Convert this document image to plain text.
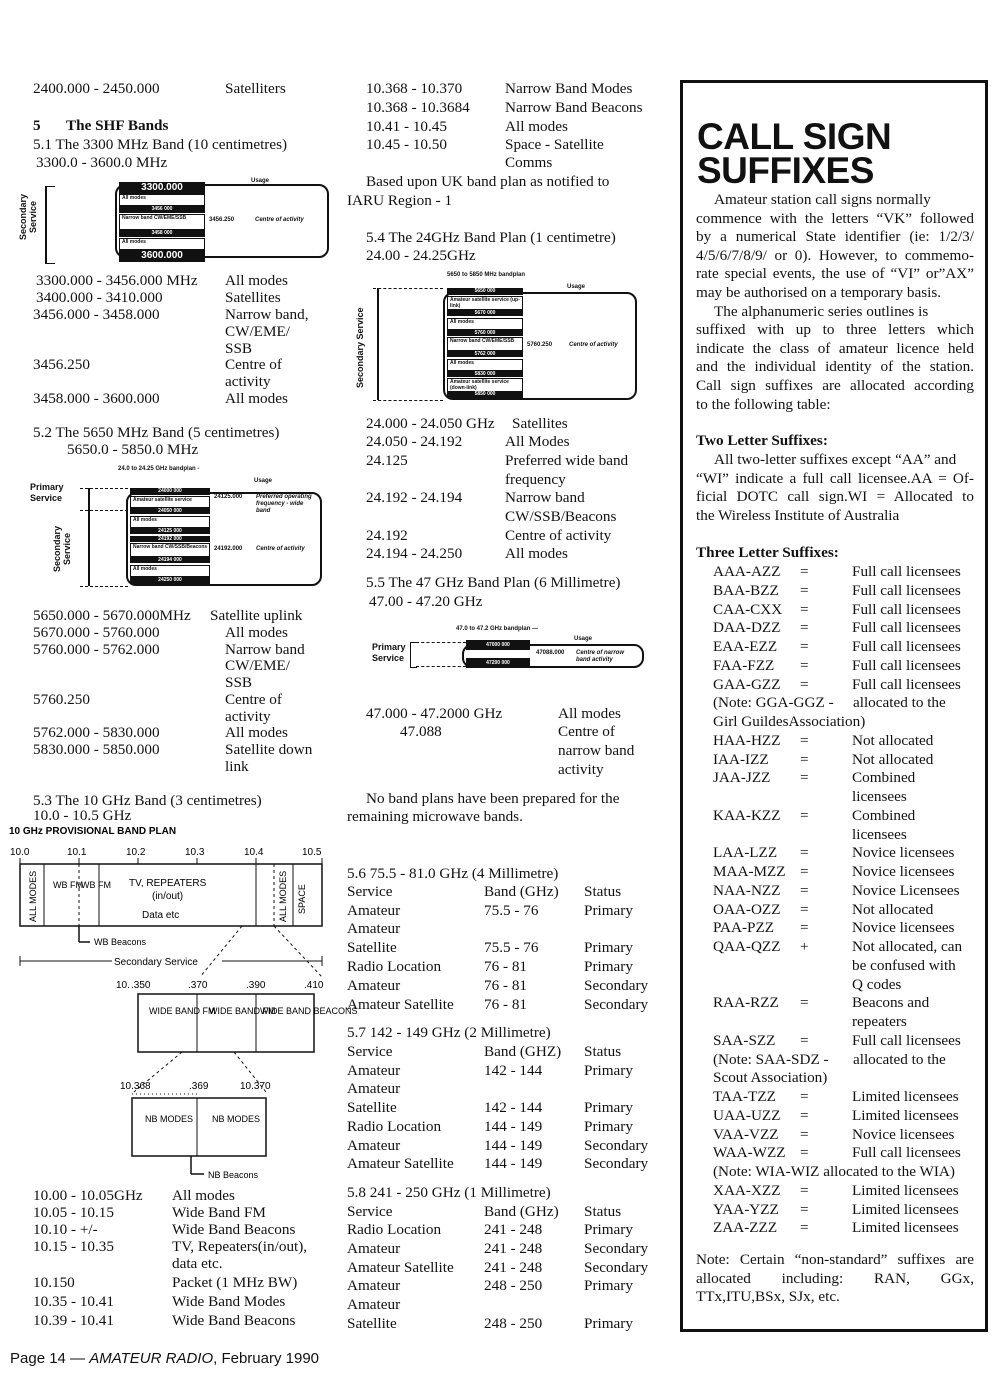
2400.000 - 2450.000	Satelliters
5 The SHF Bands
5.1 The 3300 MHz Band (10 centimetres)
3300.0 - 3600.0 MHz
Secondary Service
Usage
3300.000
All modes
3456 000
Narrow band CW/EME/SSB
3458 000
All modes
3600.000
3456.250	Centre of activity
3300.000 - 3456.000 MHz All modes
3400.000 - 3410.000	Satellites
3456.000 - 3458.000	Narrow band,
CW/EME/
SSB
3456.250	Centre of
activity
3458.000 - 3600.000	All modes
5.2 The 5650 MHz Band (5 centimetres)
5650.0 - 5850.0 MHz
24.0 to 24.25 GHz bandplan -
Usage
Primary Service
Secondary Service
24000 000
Amateur satellite service
24050 000
All modes
24125 000
24192 000
Narrow band CW/SSB/Beacons
24194 000
All modes
24250 000
24125.000 Preferred operating frequency - wide band
24192.000 Centre of activity
5650.000 - 5670.000MHz Satellite uplink
5670.000 - 5760.000	All modes
5760.000 - 5762.000	Narrow band
CW/EME/
SSB
5760.250	Centre of
activity
5762.000 - 5830.000	All modes
5830.000 - 5850.000	Satellite down
link
5.3 The 10 GHz Band (3 centimetres)
10.0 - 10.5 GHz
10 GHz PROVISIONAL BAND PLAN
10.0	10.1	10.2	10.3	10.4	10.5
ALL MODES WB FM
WB FM TV, REPEATERS
(in/out)
Data etc	ALL MODES SPACE
WB Beacons
Secondary Service
10. .350	.370	.390	.410
WIDE BAND FM
WIDE BAND FM
WIDE BAND BEACONS
10.368	.369	10.370
NB MODES NB MODES
NB Beacons
10.00 - 10.05GHz All modes
10.05 - 10.15	Wide Band FM
10.10 - +/-	Wide Band Beacons
10.15 - 10.35	TV, Repeaters(in/out),
data etc.
10.150	Packet (1 MHz BW)
10.35 - 10.41	Wide Band Modes
10.39 - 10.41	Wide Band Beacons
10.368 - 10.370	Narrow Band Modes
10.368 - 10.3684 Narrow Band Beacons
10.41 - 10.45	All modes
10.45 - 10.50	Space - Satellite
Comms
Based upon UK band plan as notified to
IARU Region - 1
5.4 The 24GHz Band Plan (1 centimetre)
24.00 - 24.25GHz
5650 to 5850 MHz bandplan
Usage
Secondary Service
5650 000
Amateur satellite service (up-link)
5670 000
All modes
5760 000
Narrow band CW/EME/SSB
5762 000
All modes
5830 000
Amateur satellite service (down-link)
5850 000
5760.250	Centre of activity
24.000 - 24.050 GHz Satellites
24.050 - 24.192	All Modes
24.125	Preferred wide band
frequency
24.192 - 24.194	Narrow band
CW/SSB/Beacons
24.192	Centre of activity
24.194 - 24.250	All modes
5.5 The 47 GHz Band Plan (6 Millimetre)
47.00 - 47.20 GHz
47.0 to 47.2 GHz bandplan —
Usage
Primary Service
47000 000
47200 000
47088.000 Centre of narrow band activity
47.000 - 47.2000 GHz	All modes
47.088	Centre of
narrow band
activity
No band plans have been prepared for the
remaining microwave bands.
5.6 75.5 - 81.0 GHz (4 Millimetre)
Service	Band (GHz) Status
Amateur	75.5 - 76	Primary
Amateur
Satellite	75.5 - 76	Primary
Radio Location	76 - 81	Primary
Amateur	76 - 81	Secondary
Amateur Satellite 76 - 81	Secondary
5.7 142 - 149 GHz (2 Millimetre)
Service	Band (GHZ) Status
Amateur	142 - 144	Primary
Amateur
Satellite	142 - 144	Primary
Radio Location	144 - 149	Primary
Amateur	144 - 149	Secondary
Amateur Satellite 144 - 149	Secondary
5.8 241 - 250 GHz (1 Millimetre)
Service	Band (GHz) Status
Radio Location	241 - 248	Primary
Amateur	241 - 248	Secondary
Amateur Satellite 241 - 248	Secondary
Amateur	248 - 250	Primary
Amateur
Satellite	248 - 250	Primary
CALL SIGN
SUFFIXES
Amateur station call signs normally
commence with the letters “VK” followed
by a numerical State identifier (ie: 1/2/3/
4/5/6/7/8/9/ or 0). However, to commemo-
rate special events, the use of “VI” or”AX”
may be authorised on a temporary basis.
The alphanumeric series outlines is
suffixed with up to three letters which
indicate the class of amateur licence held
and the individual identity of the station.
Call sign suffixes are allocated according
to the following table:
Two Letter Suffixes:
All two-letter suffixes except “AA” and
“WI” indicate a full call licensee.AA = Of-
ficial DOTC call sign.WI = Allocated to
the Wireless Institute of Australia
Three Letter Suffixes:
AAA-AZZ =	Full call licensees
BAA-BZZ =	Full call licensees
CAA-CXX =	Full call licensees
DAA-DZZ =	Full call licensees
EAA-EZZ =	Full call licensees
FAA-FZZ =	Full call licensees
GAA-GZZ =	Full call licensees
(Note: GGA-GGZ - allocated to the
Girl GuildesAssociation)
HAA-HZZ =	Not allocated
IAA-IZZ =	Not allocated
JAA-JZZ =	Combined
licensees
KAA-KZZ =	Combined
licensees
LAA-LZZ =	Novice licensees
MAA-MZZ =	Novice licensees
NAA-NZZ =	Novice Licensees
OAA-OZZ =	Not allocated
PAA-PZZ =	Novice licensees
QAA-QZZ +	Not allocated, can
be confused with
Q codes
RAA-RZZ =	Beacons and
repeaters
SAA-SZZ =	Full call licensees
(Note: SAA-SDZ - allocated to the
Scout Association)
TAA-TZZ =	Limited licensees
UAA-UZZ =	Limited licensees
VAA-VZZ =	Novice licensees
WAA-WZZ =	Full call licensees
(Note: WIA-WIZ allocated to the WIA)
XAA-XZZ =	Limited licensees
YAA-YZZ =	Limited licensees
ZAA-ZZZ =	Limited licensees
Note: Certain “non-standard” suffixes are
allocated including: RAN, GGx,
TTx,ITU,BSx, SJx, etc.
Page 14 — AMATEUR RADIO, February 1990
